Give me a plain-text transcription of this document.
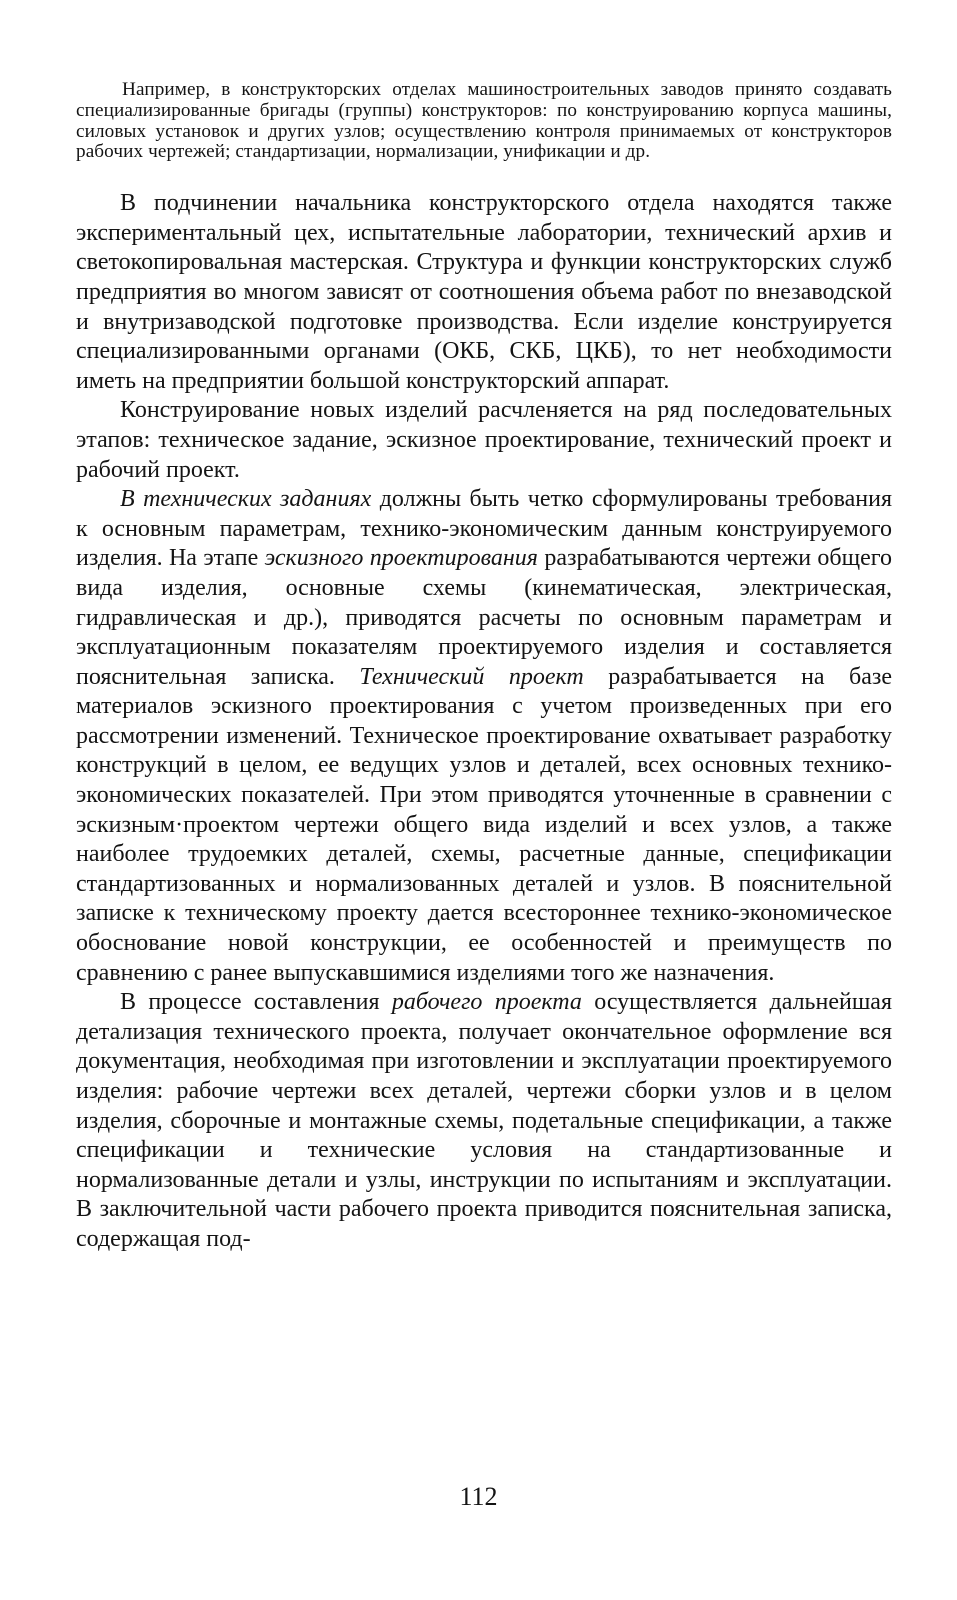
Например, в конструкторских отделах машиностроительных заводов принято создавать специализированные бригады (группы) конструкторов: по конструированию корпуса машины, силовых установок и других узлов; осуществлению контроля принимаемых от конструкторов рабочих чертежей; стандартизации, нормализации, унификации и др.

В подчинении начальника конструкторского отдела находятся также экспериментальный цех, испытательные лаборатории, технический архив и светокопировальная мастерская. Структура и функции конструкторских служб предприятия во многом зависят от соотношения объема работ по внезаводской и внутризаводской подготовке производства. Если изделие конструируется специализированными органами (ОКБ, СКБ, ЦКБ), то нет необходимости иметь на предприятии большой конструкторский аппарат.

Конструирование новых изделий расчленяется на ряд последовательных этапов: техническое задание, эскизное проектирование, технический проект и рабочий проект.

В технических заданиях должны быть четко сформулированы требования к основным параметрам, технико-экономическим данным конструируемого изделия. На этапе эскизного проектирования разрабатываются чертежи общего вида изделия, основные схемы (кинематическая, электрическая, гидравлическая и др.), приводятся расчеты по основным параметрам и эксплуатационным показателям проектируемого изделия и составляется пояснительная записка. Технический проект разрабатывается на базе материалов эскизного проектирования с учетом произведенных при его рассмотрении изменений. Техническое проектирование охватывает разработку конструкций в целом, ее ведущих узлов и деталей, всех основных технико-экономических показателей. При этом приводятся уточненные в сравнении с эскизным·проектом чертежи общего вида изделий и всех узлов, а также наиболее трудоемких деталей, схемы, расчетные данные, спецификации стандартизованных и нормализованных деталей и узлов. В пояснительной записке к техническому проекту дается всестороннее технико-экономическое обоснование новой конструкции, ее особенностей и преимуществ по сравнению с ранее выпускавшимися изделиями того же назначения.

В процессе составления рабочего проекта осуществляется дальнейшая детализация технического проекта, получает окончательное оформление вся документация, необходимая при изготовлении и эксплуатации проектируемого изделия: рабочие чертежи всех деталей, чертежи сборки узлов и в целом изделия, сборочные и монтажные схемы, подетальные спецификации, а также спецификации и технические условия на стандартизованные и нормализованные детали и узлы, инструкции по испытаниям и эксплуатации. В заключительной части рабочего проекта приводится пояснительная записка, содержащая под-

112
